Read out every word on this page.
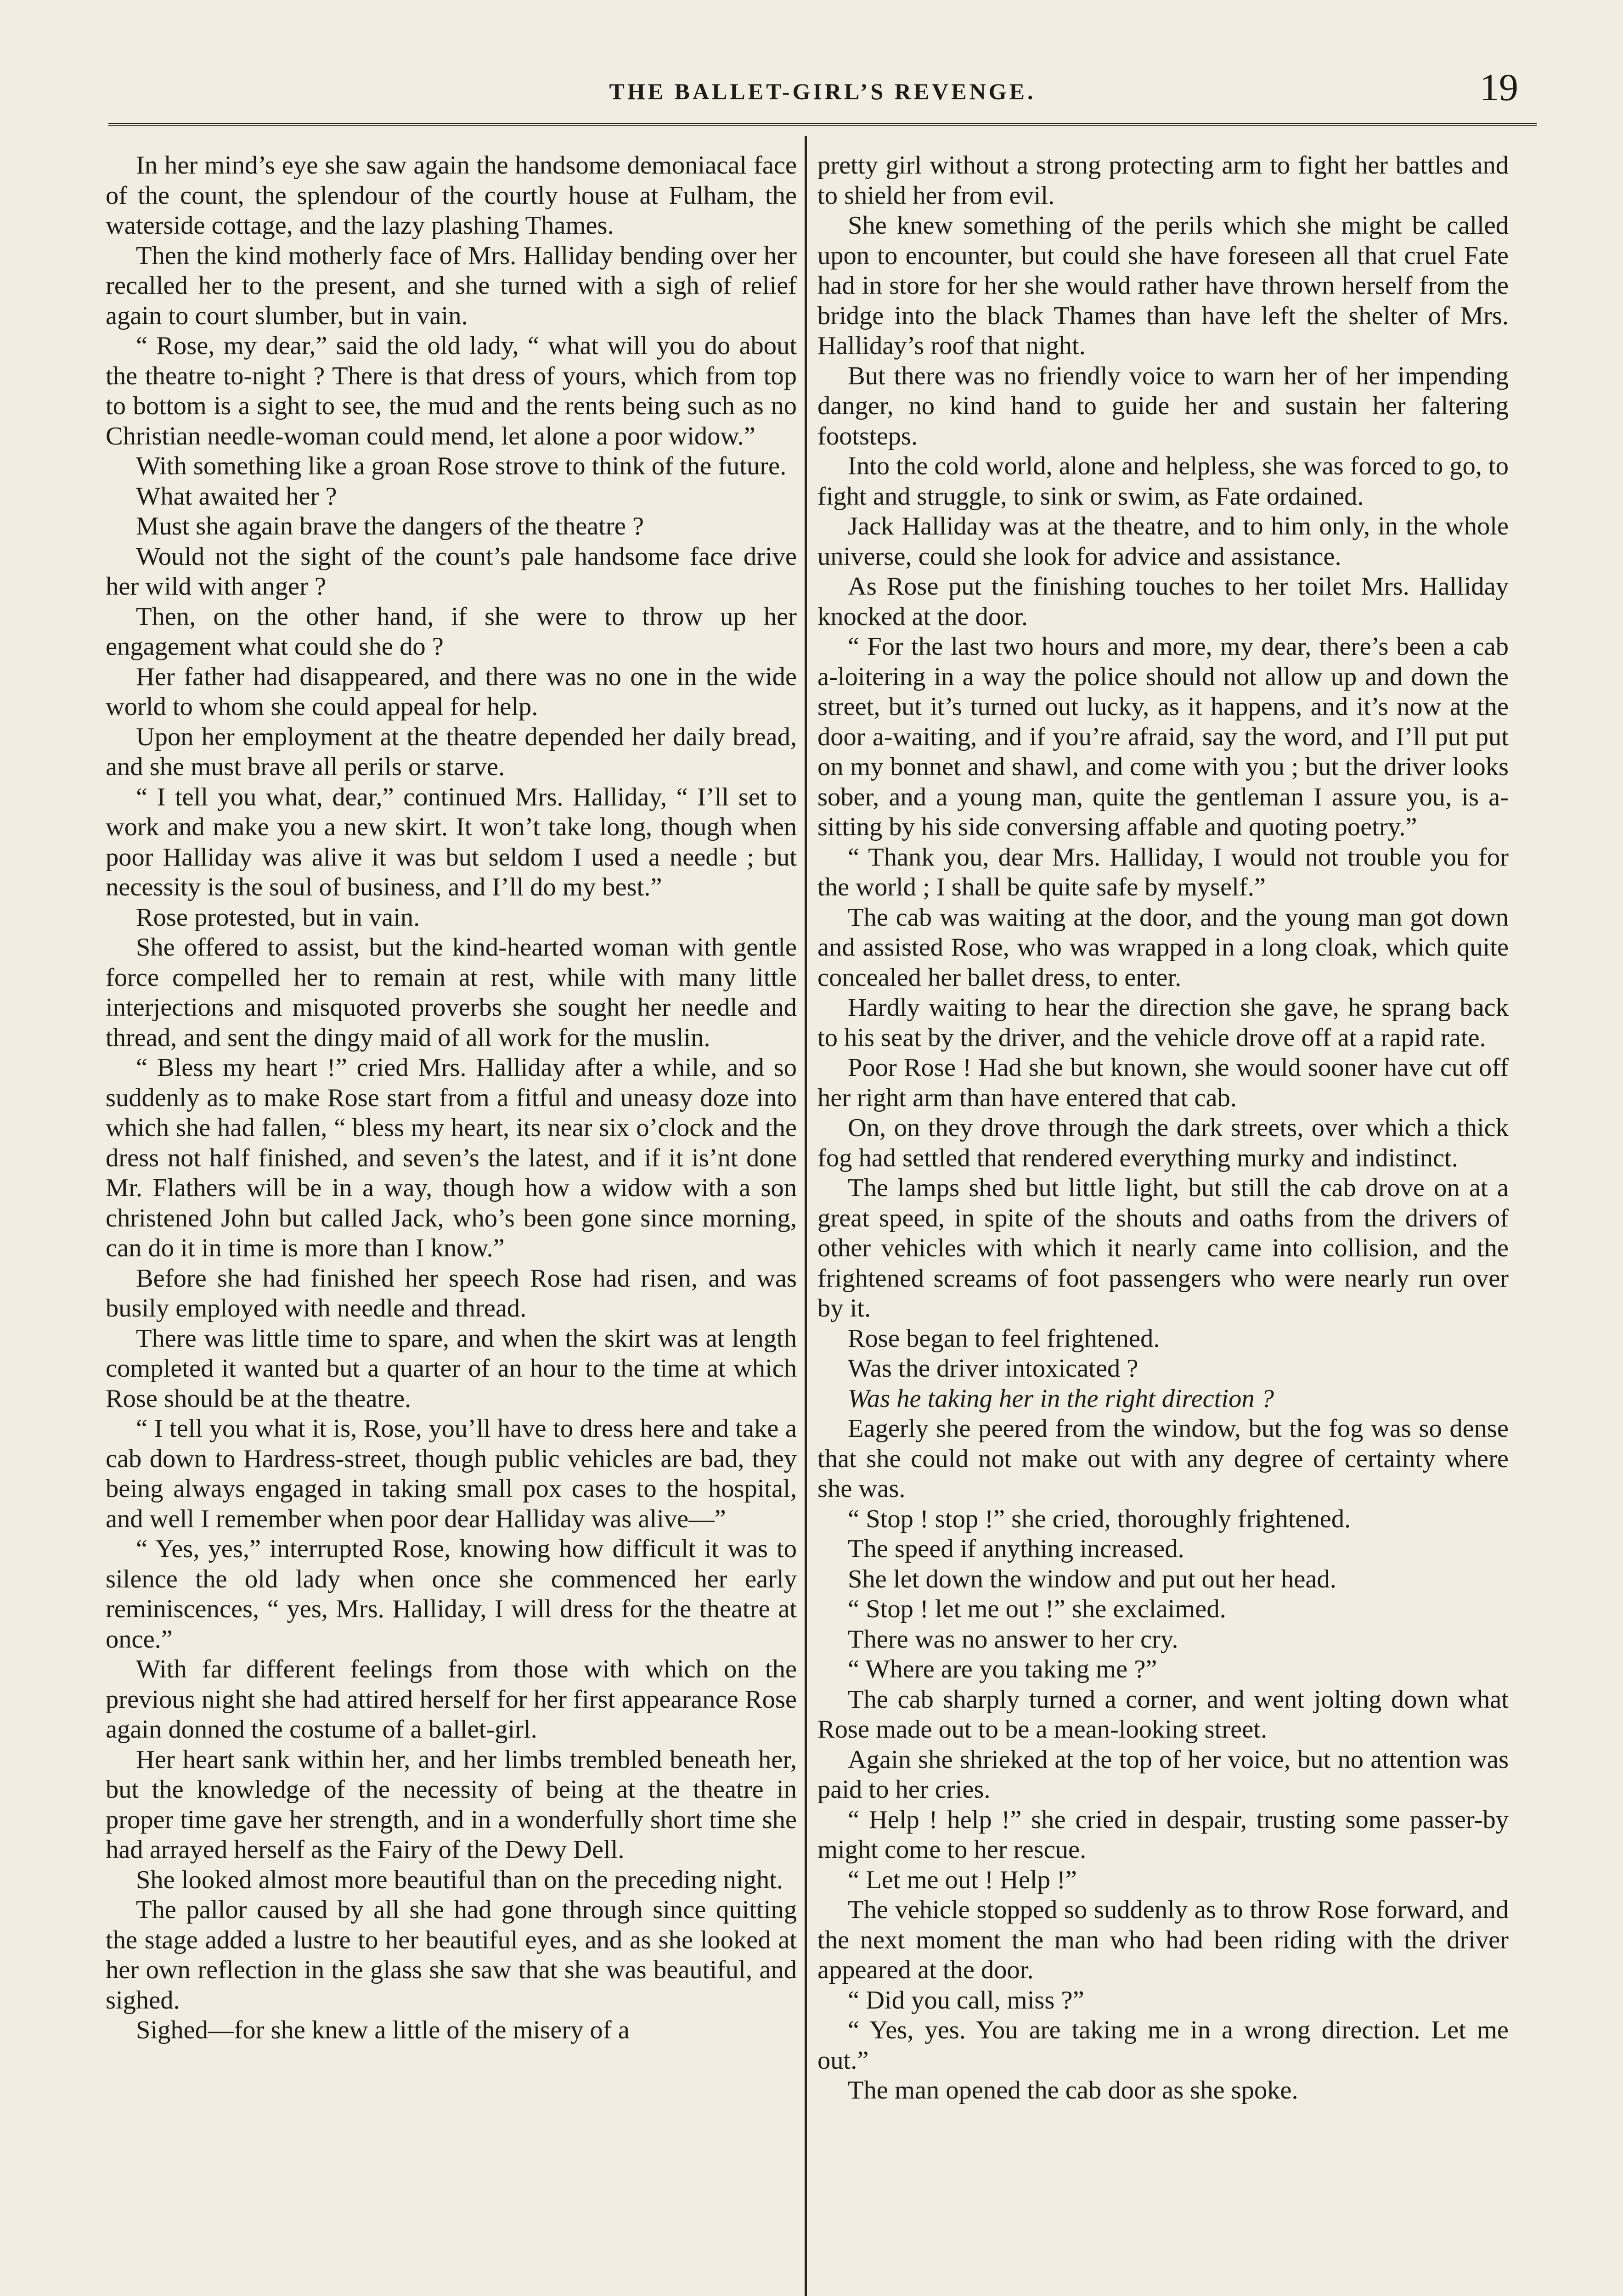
THE BALLET-GIRL’S REVENGE.	19

In her mind’s eye she saw again the handsome demoniacal face of the count, the splendour of the courtly house at Fulham, the waterside cottage, and the lazy plashing Thames.

Then the kind motherly face of Mrs. Halliday bending over her recalled her to the present, and she turned with a sigh of relief again to court slumber, but in vain.

“ Rose, my dear,” said the old lady, “ what will you do about the theatre to-night ? There is that dress of yours, which from top to bottom is a sight to see, the mud and the rents being such as no Christian needle-woman could mend, let alone a poor widow.”

With something like a groan Rose strove to think of the future.

What awaited her ?

Must she again brave the dangers of the theatre ?

Would not the sight of the count’s pale handsome face drive her wild with anger ?

Then, on the other hand, if she were to throw up her engagement what could she do ?

Her father had disappeared, and there was no one in the wide world to whom she could appeal for help.

Upon her employment at the theatre depended her daily bread, and she must brave all perils or starve.

“ I tell you what, dear,” continued Mrs. Halliday, “ I’ll set to work and make you a new skirt. It won’t take long, though when poor Halliday was alive it was but seldom I used a needle ; but necessity is the soul of business, and I’ll do my best.”

Rose protested, but in vain.

She offered to assist, but the kind-hearted woman with gentle force compelled her to remain at rest, while with many little interjections and misquoted proverbs she sought her needle and thread, and sent the dingy maid of all work for the muslin.

“ Bless my heart !” cried Mrs. Halliday after a while, and so suddenly as to make Rose start from a fitful and uneasy doze into which she had fallen, “ bless my heart, its near six o’clock and the dress not half finished, and seven’s the latest, and if it is’nt done Mr. Flathers will be in a way, though how a widow with a son christened John but called Jack, who’s been gone since morning, can do it in time is more than I know.”

Before she had finished her speech Rose had risen, and was busily employed with needle and thread.

There was little time to spare, and when the skirt was at length completed it wanted but a quarter of an hour to the time at which Rose should be at the theatre.

“ I tell you what it is, Rose, you’ll have to dress here and take a cab down to Hardress-street, though public vehicles are bad, they being always engaged in taking small pox cases to the hospital, and well I remember when poor dear Halliday was alive—”

“ Yes, yes,” interrupted Rose, knowing how difficult it was to silence the old lady when once she commenced her early reminiscences, “ yes, Mrs. Halliday, I will dress for the theatre at once.”

With far different feelings from those with which on the previous night she had attired herself for her first appearance Rose again donned the costume of a ballet-girl.

Her heart sank within her, and her limbs trembled beneath her, but the knowledge of the necessity of being at the theatre in proper time gave her strength, and in a wonderfully short time she had arrayed herself as the Fairy of the Dewy Dell.

She looked almost more beautiful than on the preceding night.

The pallor caused by all she had gone through since quitting the stage added a lustre to her beautiful eyes, and as she looked at her own reflection in the glass she saw that she was beautiful, and sighed.

Sighed—for she knew a little of the misery of a

pretty girl without a strong protecting arm to fight her battles and to shield her from evil.

She knew something of the perils which she might be called upon to encounter, but could she have foreseen all that cruel Fate had in store for her she would rather have thrown herself from the bridge into the black Thames than have left the shelter of Mrs. Halliday’s roof that night.

But there was no friendly voice to warn her of her impending danger, no kind hand to guide her and sustain her faltering footsteps.

Into the cold world, alone and helpless, she was forced to go, to fight and struggle, to sink or swim, as Fate ordained.

Jack Halliday was at the theatre, and to him only, in the whole universe, could she look for advice and assistance.

As Rose put the finishing touches to her toilet Mrs. Halliday knocked at the door.

“ For the last two hours and more, my dear, there’s been a cab a-loitering in a way the police should not allow up and down the street, but it’s turned out lucky, as it happens, and it’s now at the door a-waiting, and if you’re afraid, say the word, and I’ll put put on my bonnet and shawl, and come with you ; but the driver looks sober, and a young man, quite the gentleman I assure you, is a-sitting by his side conversing affable and quoting poetry.”

“ Thank you, dear Mrs. Halliday, I would not trouble you for the world ; I shall be quite safe by myself.”

The cab was waiting at the door, and the young man got down and assisted Rose, who was wrapped in a long cloak, which quite concealed her ballet dress, to enter.

Hardly waiting to hear the direction she gave, he sprang back to his seat by the driver, and the vehicle drove off at a rapid rate.

Poor Rose ! Had she but known, she would sooner have cut off her right arm than have entered that cab.

On, on they drove through the dark streets, over which a thick fog had settled that rendered everything murky and indistinct.

The lamps shed but little light, but still the cab drove on at a great speed, in spite of the shouts and oaths from the drivers of other vehicles with which it nearly came into collision, and the frightened screams of foot passengers who were nearly run over by it.

Rose began to feel frightened.

Was the driver intoxicated ?

Was he taking her in the right direction ?

Eagerly she peered from the window, but the fog was so dense that she could not make out with any degree of certainty where she was.

“ Stop ! stop !” she cried, thoroughly frightened.

The speed if anything increased.

She let down the window and put out her head.

“ Stop ! let me out !” she exclaimed.

There was no answer to her cry.

“ Where are you taking me ?”

The cab sharply turned a corner, and went jolting down what Rose made out to be a mean-looking street.

Again she shrieked at the top of her voice, but no attention was paid to her cries.

“ Help ! help !” she cried in despair, trusting some passer-by might come to her rescue.

“ Let me out ! Help !”

The vehicle stopped so suddenly as to throw Rose forward, and the next moment the man who had been riding with the driver appeared at the door.

“ Did you call, miss ?”

“ Yes, yes. You are taking me in a wrong direction. Let me out.”

The man opened the cab door as she spoke.
